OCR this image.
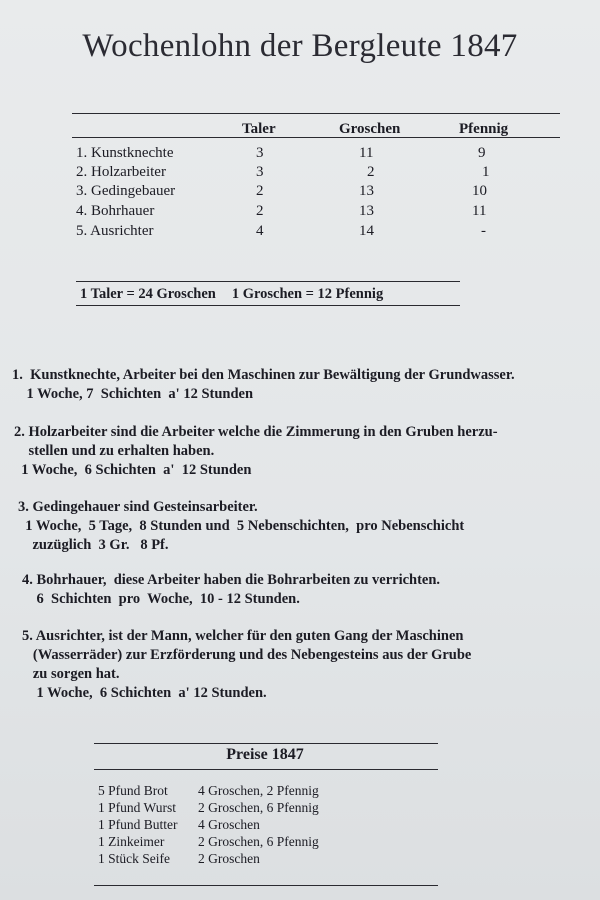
Wochenlohn der Bergleute 1847
Taler	Groschen	Pfennig
1. Kunstknechte	3	11	9
2. Holzarbeiter	3	2	1
3. Gedingebauer	2	13	10
4. Bohrhauer	2	13	11
5. Ausrichter	4	14	-
1 Taler = 24 Groschen 1 Groschen = 12 Pfennig
1.  Kunstknechte, Arbeiter bei den Maschinen zur Bewältigung der Grundwasser.
1 Woche, 7  Schichten  a' 12 Stunden
2. Holzarbeiter sind die Arbeiter welche die Zimmerung in den Gruben herzu-
stellen und zu erhalten haben.
1 Woche,  6 Schichten  a'  12 Stunden
3. Gedingehauer sind Gesteinsarbeiter.
1 Woche,  5 Tage,  8 Stunden und  5 Nebenschichten,  pro Nebenschicht
zuzüglich  3 Gr.   8 Pf.
4. Bohrhauer,  diese Arbeiter haben die Bohrarbeiten zu verrichten.
6  Schichten  pro  Woche,  10 - 12 Stunden.
5. Ausrichter, ist der Mann, welcher für den guten Gang der Maschinen
(Wasserräder) zur Erzförderung und des Nebengesteins aus der Grube
zu sorgen hat.
1 Woche,  6 Schichten  a' 12 Stunden.
Preise 1847
5 Pfund Brot 4 Groschen, 2 Pfennig
1 Pfund Wurst 2 Groschen, 6 Pfennig
1 Pfund Butter 4 Groschen
1 Zinkeimer 2 Groschen, 6 Pfennig
1 Stück Seife 2 Groschen
